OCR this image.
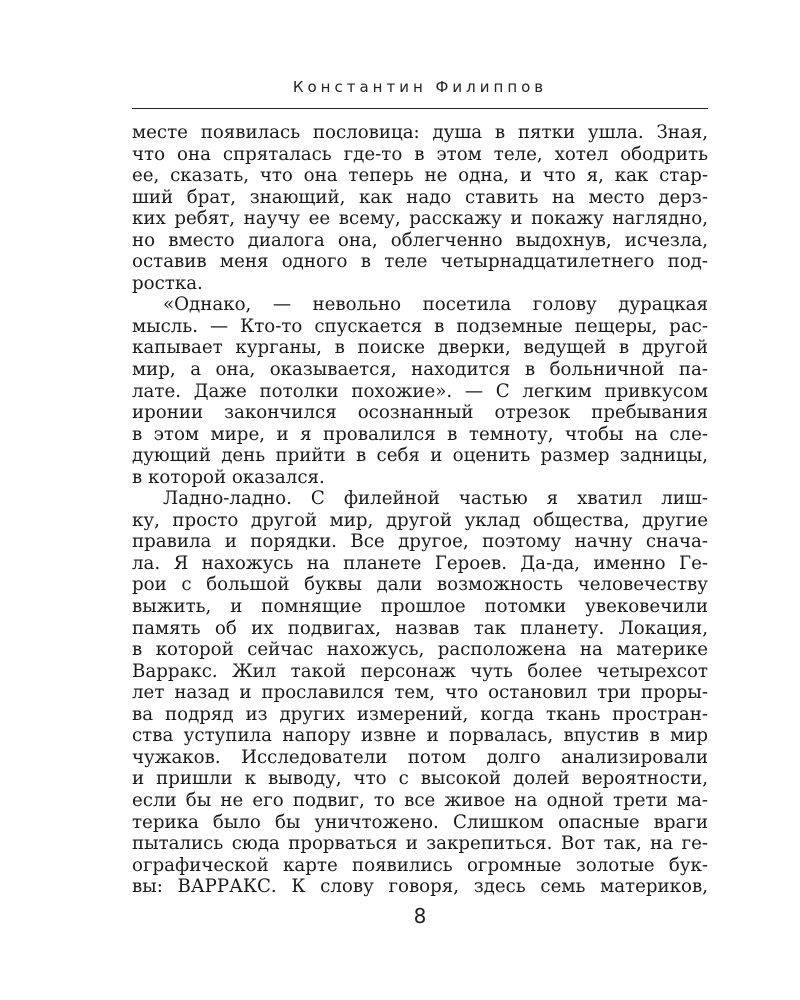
Константин Филиппов
месте появилась пословица: душа в пятки ушла. Зная,
что она спряталась где-то в этом теле, хотел ободрить
ее, сказать, что она теперь не одна, и что я, как стар-
ший брат, знающий, как надо ставить на место дерз-
ких ребят, научу ее всему, расскажу и покажу наглядно,
но вместо диалога она, облегченно выдохнув, исчезла,
оставив меня одного в теле четырнадцатилетнего под-
ростка.
«Однако, — невольно посетила голову дурацкая
мысль. — Кто-то спускается в подземные пещеры, рас-
капывает курганы, в поиске дверки, ведущей в другой
мир, а она, оказывается, находится в больничной па-
лате. Даже потолки похожие». — С легким привкусом
иронии закончился осознанный отрезок пребывания
в этом мире, и я провалился в темноту, чтобы на сле-
дующий день прийти в себя и оценить размер задницы,
в которой оказался.
Ладно-ладно. С филейной частью я хватил лиш-
ку, просто другой мир, другой уклад общества, другие
правила и порядки. Все другое, поэтому начну снача-
ла. Я нахожусь на планете Героев. Да-да, именно Ге-
рои с большой буквы дали возможность человечеству
выжить, и помнящие прошлое потомки увековечили
память об их подвигах, назвав так планету. Локация,
в которой сейчас нахожусь, расположена на материке
Варракс. Жил такой персонаж чуть более четырехсот
лет назад и прославился тем, что остановил три проры-
ва подряд из других измерений, когда ткань простран-
ства уступила напору извне и порвалась, впустив в мир
чужаков. Исследователи потом долго анализировали
и пришли к выводу, что с высокой долей вероятности,
если бы не его подвиг, то все живое на одной трети ма-
терика было бы уничтожено. Слишком опасные враги
пытались сюда прорваться и закрепиться. Вот так, на ге-
ографической карте появились огромные золотые бук-
вы: ВАРРАКС. К слову говоря, здесь семь материков,
8
